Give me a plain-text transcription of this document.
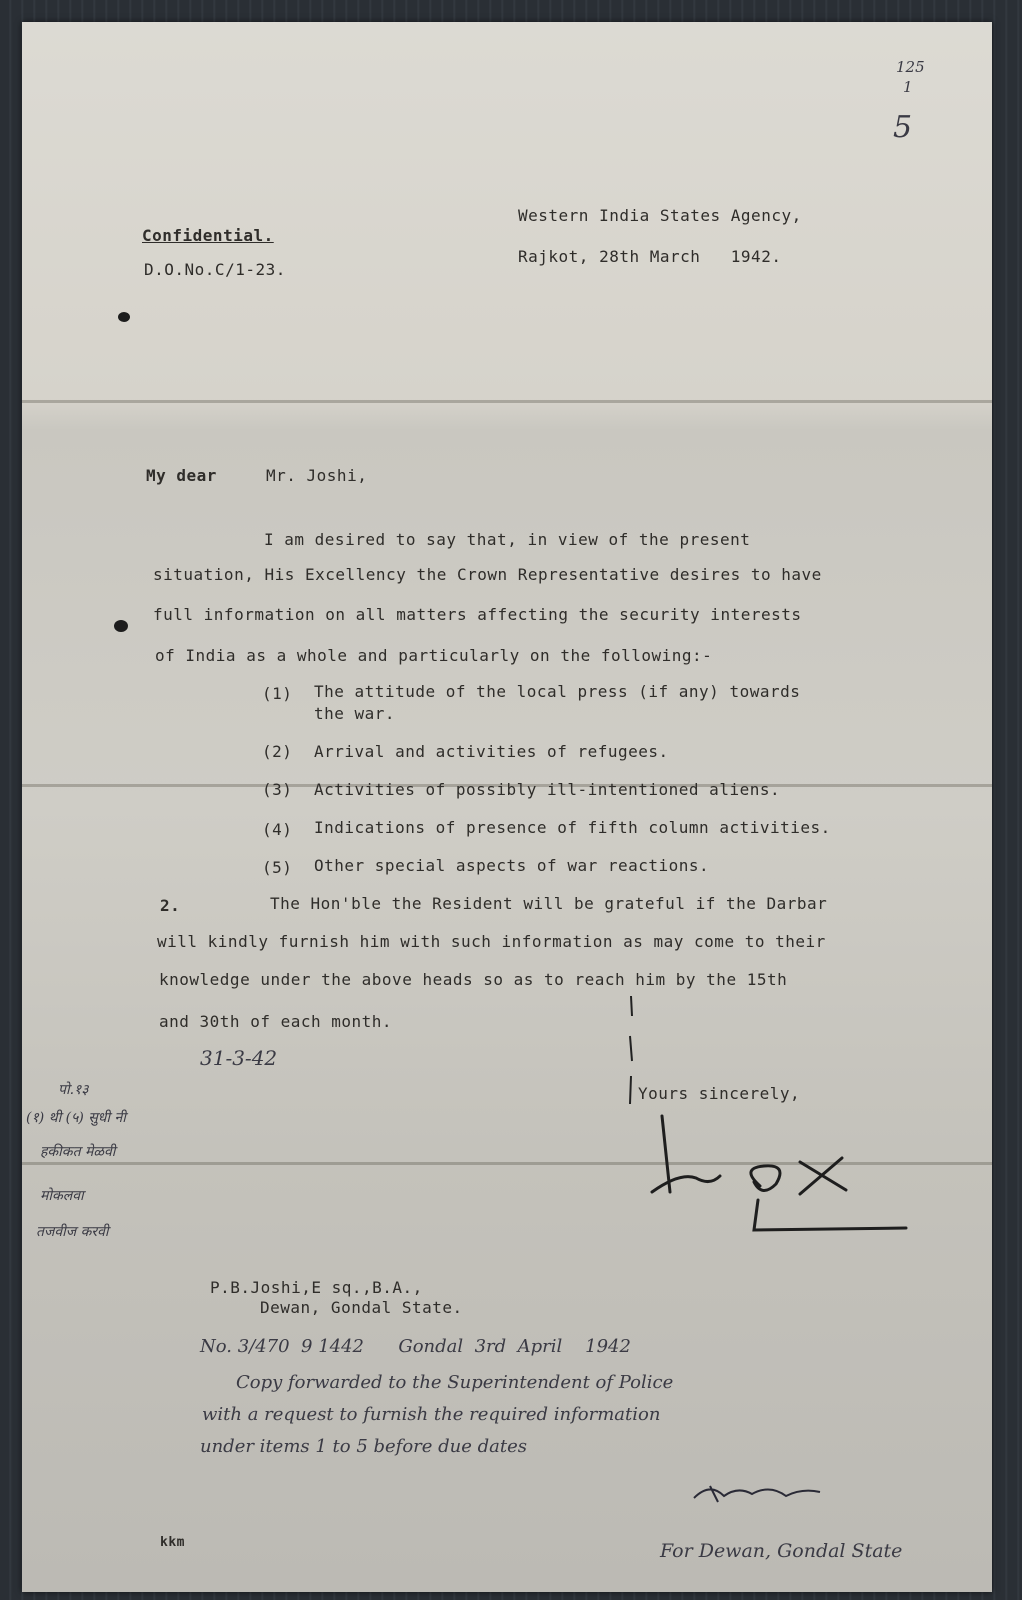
125
1
5
Confidential.
D.O.No.C/1-23.
Western India States Agency,
Rajkot, 28th March   1942.
My dear	Mr. Joshi,
I am desired to say that, in view of the present
situation, His Excellency the Crown Representative desires to have
full information on all matters affecting the security interests
of India as a whole and particularly on the following:-
(1) The attitude of the local press (if any) towards
the war.
(2) Arrival and activities of refugees.
(3) Activities of possibly ill-intentioned aliens.
(4) Indications of presence of fifth column activities.
(5) Other special aspects of war reactions.
2.	The Hon'ble the Resident will be grateful if the Darbar
will kindly furnish him with such information as may come to their
knowledge under the above heads so as to reach him by the 15th
and 30th of each month.
31-3-42
पो.१३
(१) थी (५) सुधी नी
हकीकत मेळवी
मोकलवा
तजवीज करवी
Yours sincerely,
P.B.Joshi,E sq.,B.A.,
Dewan, Gondal State.
No. 3/470  9 1442      Gondal  3rd  April    1942
Copy forwarded to the Superintendent of Police
with a request to furnish the required information
under items 1 to 5 before due dates
For Dewan, Gondal State
kkm
